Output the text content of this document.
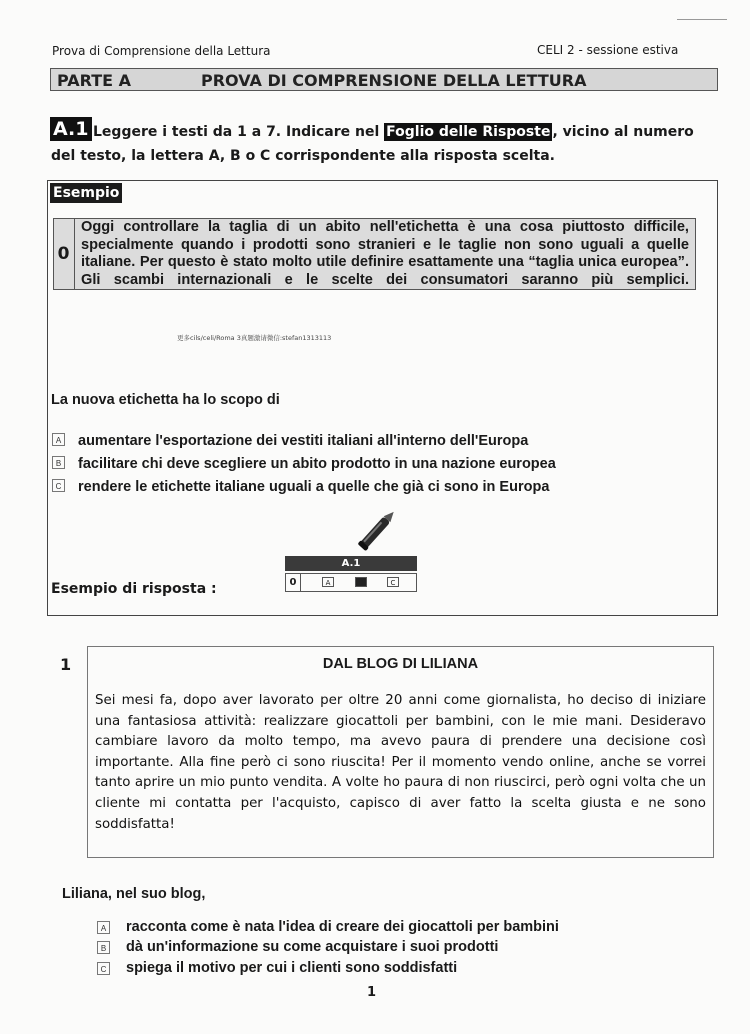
Prova di Comprensione della Lettura	CELI 2 - sessione estiva
PARTE A	PROVA DI COMPRENSIONE DELLA LETTURA
Leggere i testi da 1 a 7. Indicare nel Foglio delle Risposte , vicino al numero del testo, la lettera A, B o C corrispondente alla risposta scelta.
A.1
Esempio
0
Oggi controllare la taglia di un abito nell'etichetta è una cosa piuttosto difficile, specialmente quando i prodotti sono stranieri e le taglie non sono uguali a quelle italiane. Per questo è stato molto utile definire esattamente una “taglia unica europea”. Gli scambi internazionali e le scelte dei consumatori saranno più semplici.
更多cils/celi/Roma 3真题激请微信:stefan1313113
La nuova etichetta ha lo scopo di
A aumentare l'esportazione dei vestiti italiani all'interno dell'Europa
B facilitare chi deve scegliere un abito prodotto in una nazione europea
C rendere le etichette italiane uguali a quelle che già ci sono in Europa
Esempio di risposta :
A.1
0	A	B	C
1	DAL BLOG DI LILIANA
Sei mesi fa, dopo aver lavorato per oltre 20 anni come giornalista, ho deciso di iniziare una fantasiosa attività: realizzare giocattoli per bambini, con le mie mani. Desideravo cambiare lavoro da molto tempo, ma avevo paura di prendere una decisione così importante. Alla fine però ci sono riuscita! Per il momento vendo online, anche se vorrei tanto aprire un mio punto vendita. A volte ho paura di non riuscirci, però ogni volta che un cliente mi contatta per l'acquisto, capisco di aver fatto la scelta giusta e ne sono soddisfatta!
Liliana, nel suo blog,
A racconta come è nata l'idea di creare dei giocattoli per bambini
B dà un'informazione su come acquistare i suoi prodotti
C spiega il motivo per cui i clienti sono soddisfatti
1
